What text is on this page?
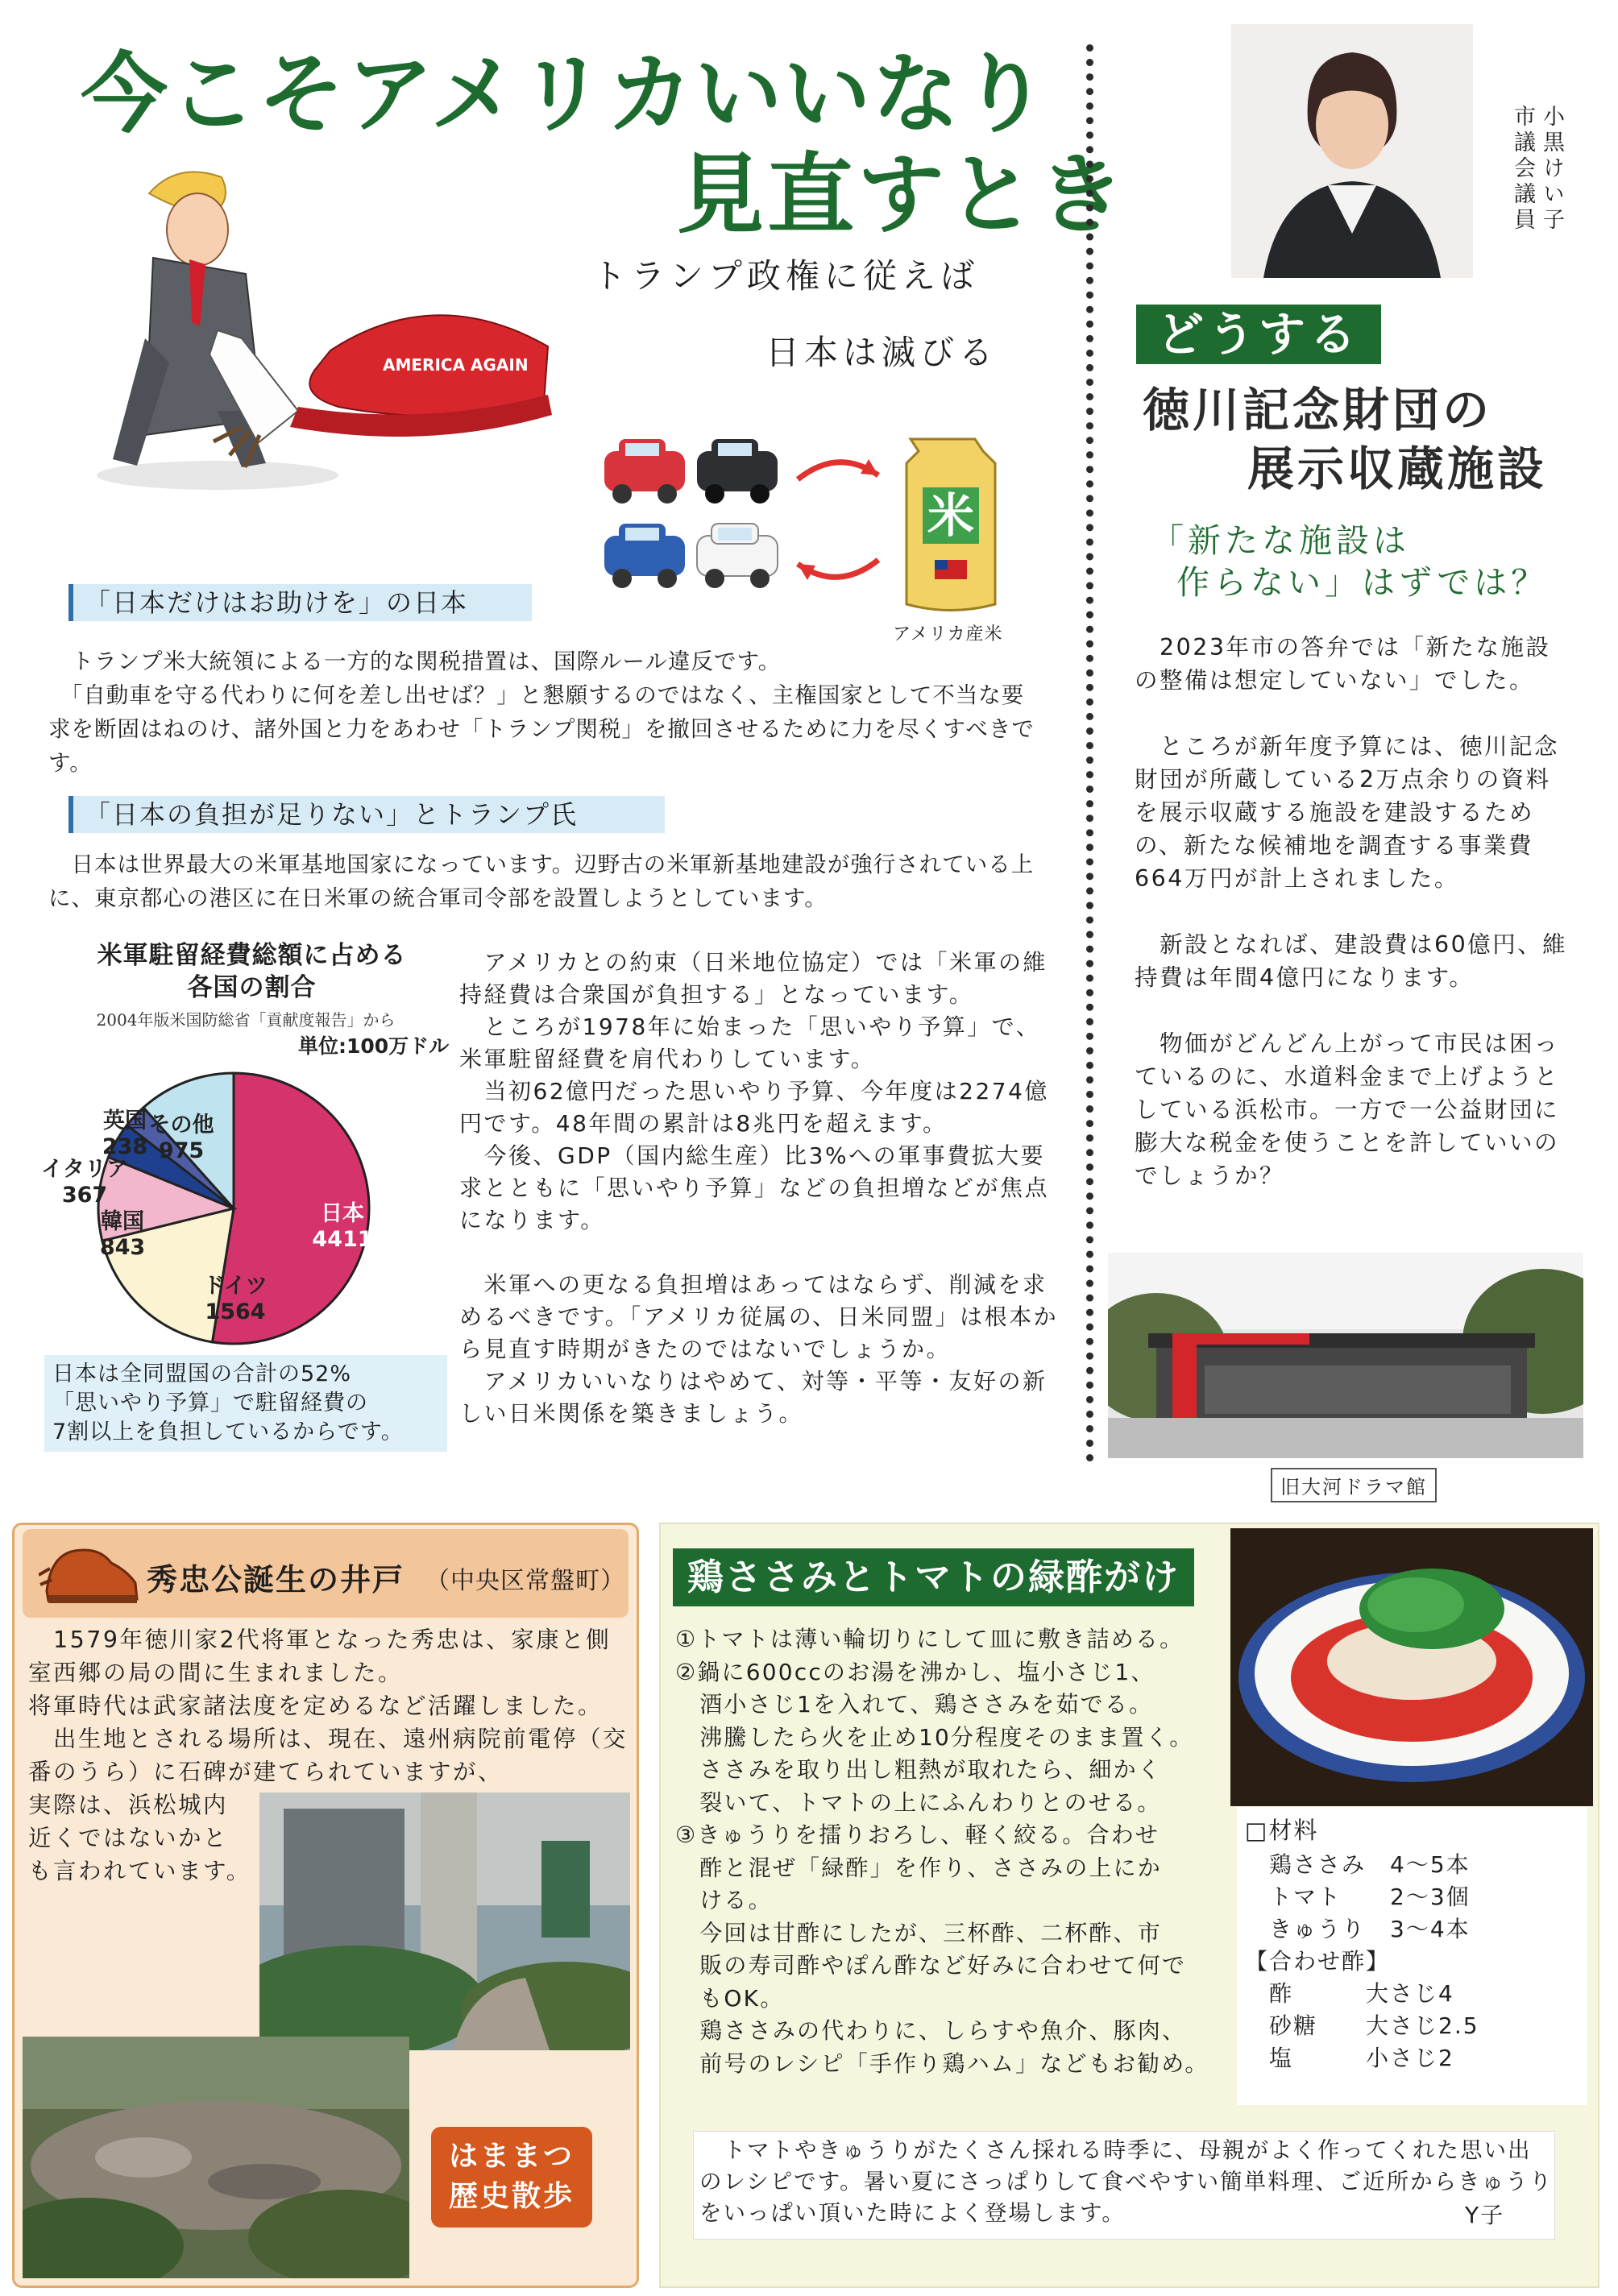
今こそアメリカいいなり
見直すとき
AMERICA AGAIN
トランプ政権に従えば
日本は滅びる
米
アメリカ産米
「日本だけはお助けを」の日本
　トランプ米大統領による一方的な関税措置は、国際ルール違反です。
　「自動車を守る代わりに何を差し出せば？」と懇願するのではなく、主権国家として不当な要求を断固はねのけ、諸外国と力をあわせ「トランプ関税」を撤回させるために力を尽くすべきです。
「日本の負担が足りない」とトランプ氏
　日本は世界最大の米軍基地国家になっています。辺野古の米軍新基地建設が強行されている上に、東京都心の港区に在日米軍の統合軍司令部を設置しようとしています。
米軍駐留経費総額に占める
各国の割合
2004年版米国防総省「貢献度報告」から
日本
4411
ドイツ
1564
韓国
843
イタリア
367
英国
238
その他
975
単位:100万ドル
日本は全同盟国の合計の52%
「思いやり予算」で駐留経費の
7割以上を負担しているからです。
　アメリカとの約束（日米地位協定）では「米軍の維持経費は合衆国が負担する」となっています。
　ところが1978年に始まった「思いやり予算」で、米軍駐留経費を肩代わりしています。
　当初62億円だった思いやり予算、今年度は2274億円です。48年間の累計は8兆円を超えます。
　今後、GDP（国内総生産）比3%への軍事費拡大要求とともに「思いやり予算」などの負担増などが焦点になります。

　米軍への更なる負担増はあってはならず、削減を求めるべきです。「アメリカ従属の、日米同盟」は根本から見直す時期がきたのではないでしょうか。
　アメリカいいなりはやめて、対等・平等・友好の新しい日米関係を築きましょう。
市議会議員 小黒けい子
どうする
徳川記念財団の
展示収蔵施設
「新たな施設は
作らない」はずでは？
　2023年市の答弁では「新たな施設の整備は想定していない」でした。

　ところが新年度予算には、徳川記念財団が所蔵している2万点余りの資料を展示収蔵する施設を建設するための、新たな候補地を調査する事業費664万円が計上されました。

　新設となれば、建設費は60億円、維持費は年間4億円になります。

　物価がどんどん上がって市民は困っているのに、水道料金まで上げようとしている浜松市。一方で一公益財団に膨大な税金を使うことを許していいのでしょうか？
旧大河ドラマ館
秀忠公誕生の井戸 （中央区常盤町）
　1579年徳川家2代将軍となった秀忠は、家康と側室西郷の局の間に生まれました。
将軍時代は武家諸法度を定めるなど活躍しました。
　出生地とされる場所は、現在、遠州病院前電停（交番のうら）に石碑が建てられていますが、
実際は、浜松城内
近くではないかと
も言われています。
はままつ
歴史散歩
鶏ささみとトマトの緑酢がけ
①トマトは薄い輪切りにして皿に敷き詰める。
②鍋に600ccのお湯を沸かし、塩小さじ1、
　酒小さじ1を入れて、鶏ささみを茹でる。
　沸騰したら火を止め10分程度そのまま置く。
　ささみを取り出し粗熱が取れたら、細かく
　裂いて、トマトの上にふんわりとのせる。
③きゅうりを擂りおろし、軽く絞る。合わせ
　酢と混ぜ「緑酢」を作り、ささみの上にか
　ける。
　今回は甘酢にしたが、三杯酢、二杯酢、市
　販の寿司酢やぽん酢など好みに合わせて何で
　もOK。
　鶏ささみの代わりに、しらすや魚介、豚肉、
　前号のレシピ「手作り鶏ハム」などもお勧め。
□材料
　鶏ささみ　4〜5本
　トマト　　2〜3個
　きゅうり　3〜4本
【合わせ酢】
　酢　　　大さじ4
　砂糖　　大さじ2.5
　塩　　　小さじ2
　トマトやきゅうりがたくさん採れる時季に、母親がよく作ってくれた思い出のレシピです。暑い夏にさっぱりして食べやすい簡単料理、ご近所からきゅうりをいっぱい頂いた時によく登場します。	Y子
